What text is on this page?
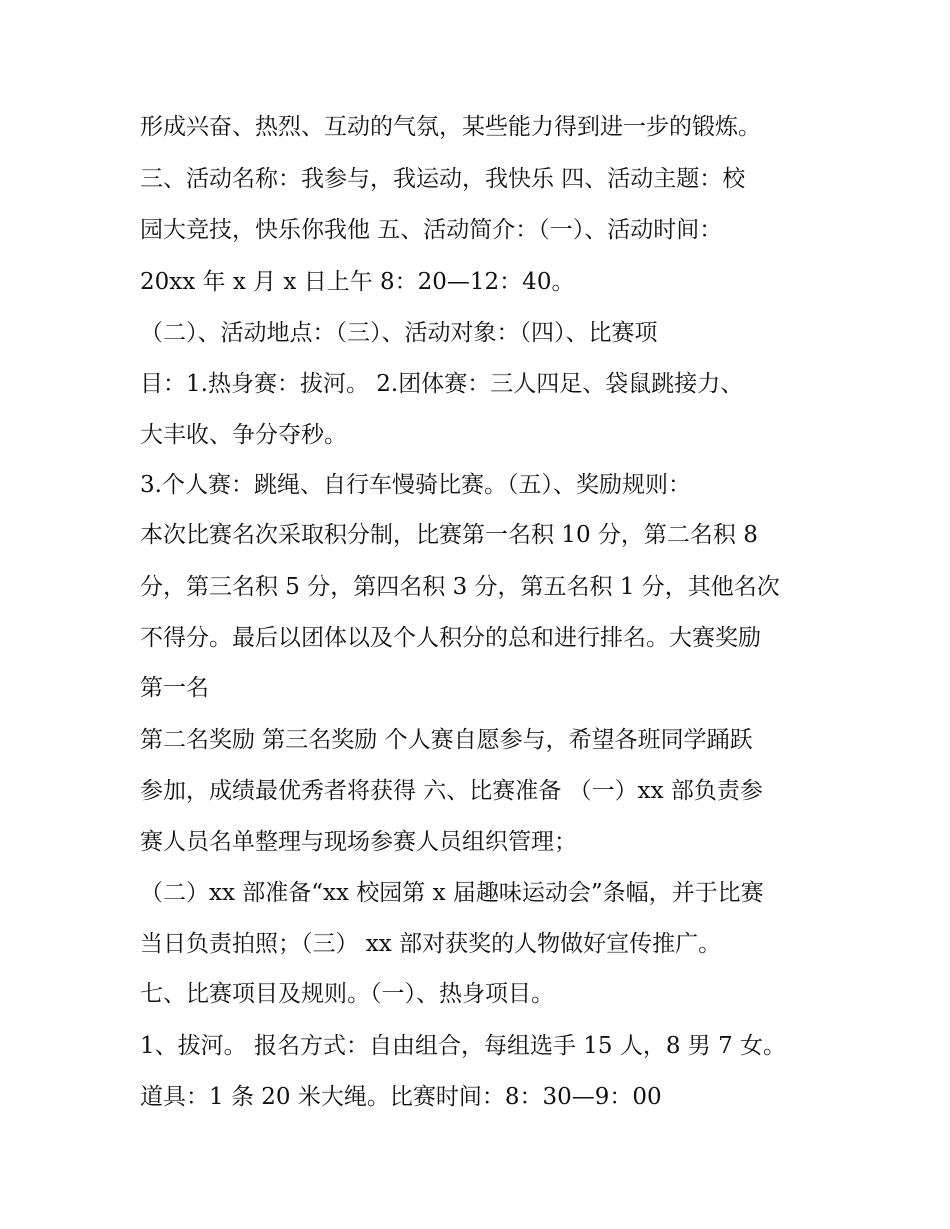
形成兴奋、热烈、互动的气氛，某些能力得到进一步的锻炼。
三、活动名称：我参与，我运动，我快乐 四、活动主题：校
园大竞技，快乐你我他 五、活动简介：（一）、活动时间：
20xx 年 x 月 x 日上午 8：20—12：40。
（二）、活动地点：（三）、活动对象：（四）、比赛项
目：1.热身赛：拔河。 2.团体赛：三人四足、袋鼠跳接力、
大丰收、争分夺秒。
3.个人赛：跳绳、自行车慢骑比赛。（五）、奖励规则：
本次比赛名次采取积分制，比赛第一名积 10 分，第二名积 8
分，第三名积 5 分，第四名积 3 分，第五名积 1 分，其他名次
不得分。最后以团体以及个人积分的总和进行排名。大赛奖励
第一名
第二名奖励 第三名奖励 个人赛自愿参与，希望各班同学踊跃
参加，成绩最优秀者将获得 六、比赛准备 （一）xx 部负责参
赛人员名单整理与现场参赛人员组织管理；
（二）xx 部准备“xx 校园第 x 届趣味运动会”条幅，并于比赛
当日负责拍照；（三） xx 部对获奖的人物做好宣传推广。
七、比赛项目及规则。（一）、热身项目。
1、拔河。 报名方式：自由组合，每组选手 15 人，8 男 7 女。
道具：1 条 20 米大绳。比赛时间：8：30—9：00
